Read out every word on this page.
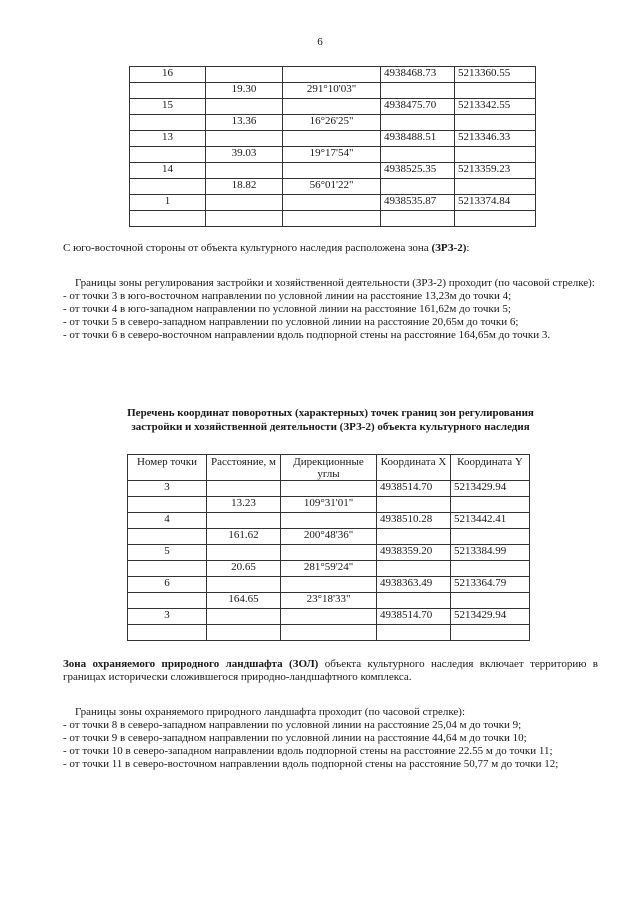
6
16			4938468.73	5213360.55
	19.30	291°10'03"		
15			4938475.70	5213342.55
	13.36	16°26'25"		
13			4938488.51	5213346.33
	39.03	19°17'54"		
14			4938525.35	5213359.23
	18.82	56°01'22"		
1			4938535.87	5213374.84

С юго-восточной стороны от объекта культурного наследия расположена зона (ЗРЗ-2):

Границы зоны регулирования застройки и хозяйственной деятельности (ЗРЗ-2) проходит (по часовой стрелке):
- от точки 3 в юго-восточном направлении по условной линии на расстояние 13,23м до точки 4;
- от точки 4 в юго-западном направлении по условной линии на расстояние 161,62м до точки 5;
- от точки 5 в северо-западном направлении по условной линии на расстояние 20,65м до точки 6;
- от точки 6 в северо-восточном направлении вдоль подпорной стены на расстояние 164,65м до точки 3.
Перечень координат поворотных (характерных) точек границ зон регулирования
застройки и хозяйственной деятельности (ЗРЗ-2) объекта культурного наследия
Номер точки	Расстояние, м	Дирекционные углы	Координата X	Координата Y
3			4938514.70	5213429.94
	13.23	109°31'01"		
4			4938510.28	5213442.41
	161.62	200°48'36"		
5			4938359.20	5213384.99
	20.65	281°59'24"		
6			4938363.49	5213364.79
	164.65	23°18'33"		
3			4938514.70	5213429.94

Зона охраняемого природного ландшафта (ЗОЛ) объекта культурного наследия включает территорию в границах исторически сложившегося природно-ландшафтного комплекса.

Границы зоны охраняемого природного ландшафта проходит (по часовой стрелке):
- от точки 8 в северо-западном направлении по условной линии на расстояние 25,04 м до точки 9;
- от точки 9 в северо-западном направлении по условной линии на расстояние 44,64 м до точки 10;
- от точки 10 в северо-западном направлении вдоль подпорной стены на расстояние 22.55 м до точки 11;
- от точки 11 в северо-восточном направлении вдоль подпорной стены на расстояние 50,77 м до точки 12;
